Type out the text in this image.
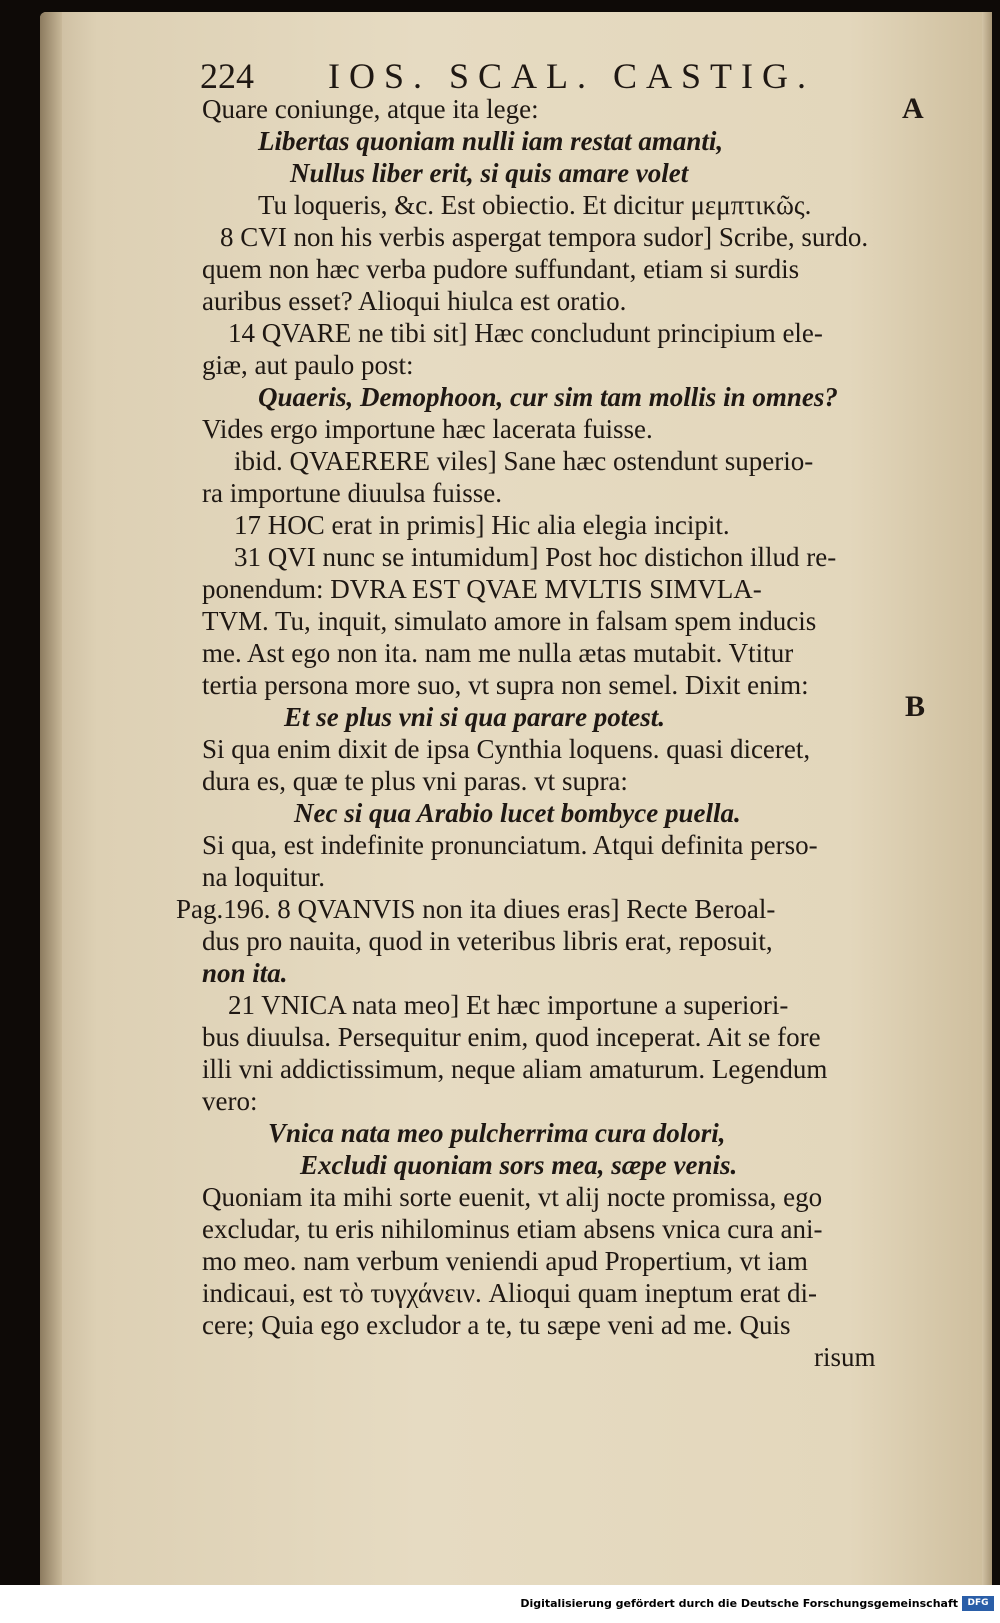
224 IOS. SCAL. CASTIG.
A
B
Quare coniunge, atque ita lege:
Libertas quoniam nulli iam restat amanti,
Nullus liber erit, si quis amare volet
Tu loqueris, &c. Est obiectio. Et dicitur μεμπτικῶς.
8 CVI non his verbis aspergat tempora sudor] Scribe, surdo.
quem non hæc verba pudore suffundant, etiam si surdis
auribus esset? Alioqui hiulca est oratio.
14 QVARE ne tibi sit] Hæc concludunt principium ele-
giæ, aut paulo post:
Quaeris, Demophoon, cur sim tam mollis in omnes?
Vides ergo importune hæc lacerata fuisse.
ibid. QVAERERE viles] Sane hæc ostendunt superio-
ra importune diuulsa fuisse.
17 HOC erat in primis] Hic alia elegia incipit.
31 QVI nunc se intumidum] Post hoc distichon illud re-
ponendum: DVRA EST QVAE MVLTIS SIMVLA-
TVM. Tu, inquit, simulato amore in falsam spem inducis
me. Ast ego non ita. nam me nulla ætas mutabit. Vtitur
tertia persona more suo, vt supra non semel. Dixit enim:
Et se plus vni si qua parare potest.
Si qua enim dixit de ipsa Cynthia loquens. quasi diceret,
dura es, quæ te plus vni paras. vt supra:
Nec si qua Arabio lucet bombyce puella.
Si qua, est indefinite pronunciatum. Atqui definita perso-
na loquitur.
Pag.196. 8 QVANVIS non ita diues eras] Recte Beroal-
dus pro nauita, quod in veteribus libris erat, reposuit,
non ita.
21 VNICA nata meo] Et hæc importune a superiori-
bus diuulsa. Persequitur enim, quod inceperat. Ait se fore
illi vni addictissimum, neque aliam amaturum. Legendum
vero:
Vnica nata meo pulcherrima cura dolori,
Excludi quoniam sors mea, sæpe venis.
Quoniam ita mihi sorte euenit, vt alij nocte promissa, ego
excludar, tu eris nihilominus etiam absens vnica cura ani-
mo meo. nam verbum veniendi apud Propertium, vt iam
indicaui, est τὸ τυγχάνειν. Alioqui quam ineptum erat di-
cere; Quia ego excludor a te, tu sæpe veni ad me. Quis
risum
Digitalisierung gefördert durch die Deutsche Forschungsgemeinschaft	DFG
